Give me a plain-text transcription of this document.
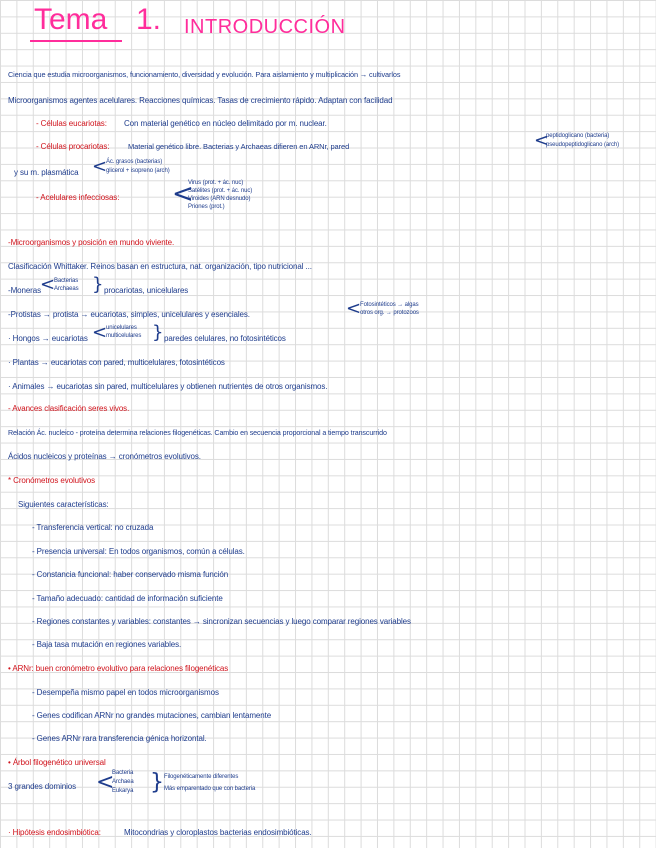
Tema 1. INTRODUCCIÓN
Ciencia que estudia microorganismos, funcionamiento, diversidad y evolución. Para aislamiento y multiplicación → cultivarlos
Microorganismos agentes acelulares. Reacciones químicas. Tasas de crecimiento rápido. Adaptan con facilidad
- Células eucariotas: Con material genético en núcleo delimitado por m. nuclear.
- Células procariotas: Material genético libre. Bacterias y Archaeas difieren en ARNr, pared	<
peptidoglicano (bacteria)
pseudopeptidoglicano (arch)
y su m. plasmática <
Ác. grasos (bacterias)
glicerol + isopreno (arch)
- Acelulares infecciosas: <
Virus (prot. + ác. nuc)
Satélites (prot. + ác. nuc)
Viroides (ARN desnudo)
Priones (prot.)
-Microorganismos y posición en mundo viviente.
Clasificación Whittaker. Reinos basan en estructura, nat. organización, tipo nutricional ...
-Moneras <
Bacterias
Archaeas } procariotas, unicelulares
-Protistas → protista → eucariotas, simples, unicelulares y esenciales.	<
Fotosintéticos → algas
otros org. → protozoos
· Hongos → eucariotas <
unicelulares
multicelulares } paredes celulares, no fotosintéticos
· Plantas → eucariotas con pared, multicelulares, fotosintéticos
· Animales → eucariotas sin pared, multicelulares y obtienen nutrientes de otros organismos.
- Avances clasificación seres vivos.
Relación Ác. nucleico - proteína determina relaciones filogenéticas. Cambio en secuencia proporcional a tiempo transcurrido
Ácidos nucleicos y proteínas → cronómetros evolutivos.
* Cronómetros evolutivos
Siguientes características:
- Transferencia vertical: no cruzada
- Presencia universal: En todos organismos, común a células.
- Constancia funcional: haber conservado misma función
- Tamaño adecuado: cantidad de información suficiente
- Regiones constantes y variables: constantes → sincronizan secuencias y luego comparar regiones variables
- Baja tasa mutación en regiones variables.
• ARNr: buen cronómetro evolutivo para relaciones filogenéticas
- Desempeña mismo papel en todos microorganismos
- Genes codifican ARNr no grandes mutaciones, cambian lentamente
- Genes ARNr rara transferencia génica horizontal.
• Árbol filogenético universal
3 grandes dominios <
Bacteria
Archaea
Eukarya } Filogenéticamente diferentes
Más emparentado que con bacteria
· Hipótesis endosimbiótica:	Mitocondrias y cloroplastos bacterias endosimbióticas.
